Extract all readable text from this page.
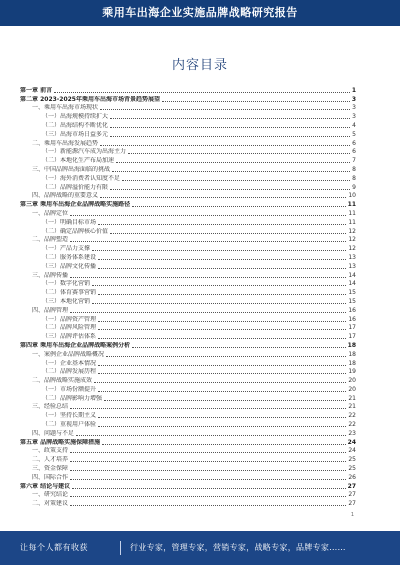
乘用车出海企业实施品牌战略研究报告
内容目录
第一章 前言	1
第二章 2023-2025年乘用车出海市场背景趋势展望	3
一、乘用车出海市场现状	3
（一）出海规模持续扩大	3
（二）出海结构不断优化	4
（三）出海市场日益多元	5
二、乘用车出海发展趋势	6
（一）新能源汽车成为出海主力	6
（二）本地化生产布局加速	7
三、中国品牌出海面临的挑战	8
（一）海外消费者认知度不足	8
（二）品牌溢价能力有限	9
四、品牌战略的重要意义	10
第三章 乘用车出海企业品牌战略实施路径	11
一、品牌定位	11
（一）明确目标市场	11
（二）确定品牌核心价值	12
二、品牌塑造	12
（一）产品力支撑	12
（二）服务体系建设	13
（三）品牌文化传播	13
三、品牌传播	14
（一）数字化营销	14
（二）体育赛事营销	15
（三）本地化营销	15
四、品牌管理	16
（一）品牌资产管理	16
（二）品牌风险管理	17
（三）品牌评估体系	17
第四章 乘用车出海企业品牌战略案例分析	18
一、案例企业品牌战略概况	18
（一）企业基本情况	18
（二）品牌发展历程	19
二、品牌战略实施成效	20
（一）市场份额提升	20
（二）品牌影响力增强	21
三、经验总结	21
（一）坚持长期主义	22
（二）重视用户体验	22
四、问题与不足	23
第五章 品牌战略实施保障措施	24
一、政策支持	24
二、人才培养	25
三、资金保障	25
四、国际合作	26
第六章 结论与建议	27
一、研究结论	27
二、对策建议	27
1
让每个人都有收获	行业专家，管理专家，营销专家，战略专家，品牌专家……
